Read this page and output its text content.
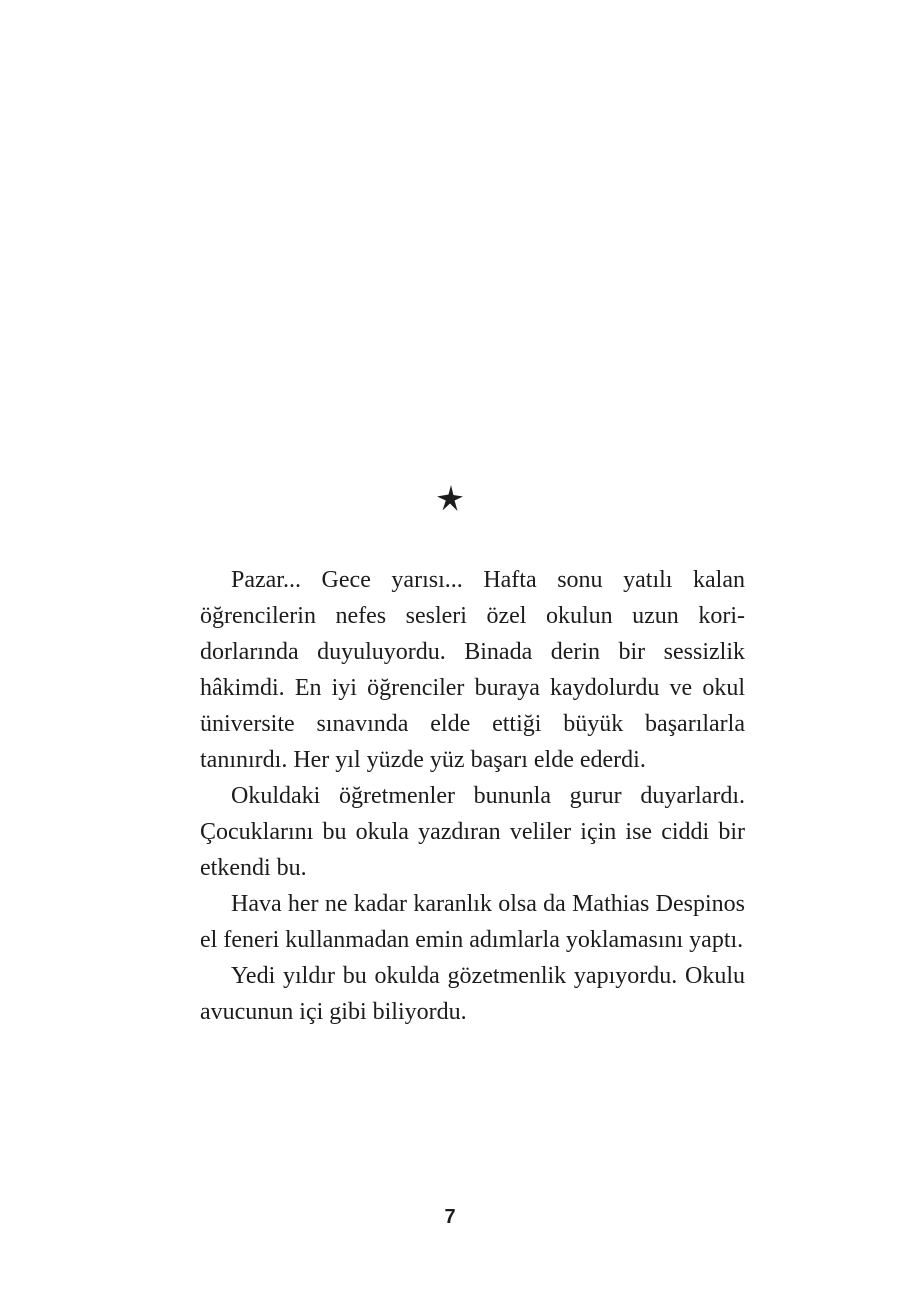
Pazar... Gece yarısı... Hafta sonu yatılı kalan öğrencilerin nefes sesleri özel okulun uzun koridorlarında duyuluyordu. Binada derin bir sessizlik hâkimdi. En iyi öğrenciler buraya kaydolurdu ve okul üniversite sınavında elde ettiği büyük başarılarla tanınırdı. Her yıl yüzde yüz başarı elde ederdi.

Okuldaki öğretmenler bununla gurur duyarlardı. Çocuklarını bu okula yazdıran veliler için ise ciddi bir etkendi bu.

Hava her ne kadar karanlık olsa da Mathias Despinos el feneri kullanmadan emin adımlarla yoklamasını yaptı.

Yedi yıldır bu okulda gözetmenlik yapıyordu. Okulu avucunun içi gibi biliyordu.

7
